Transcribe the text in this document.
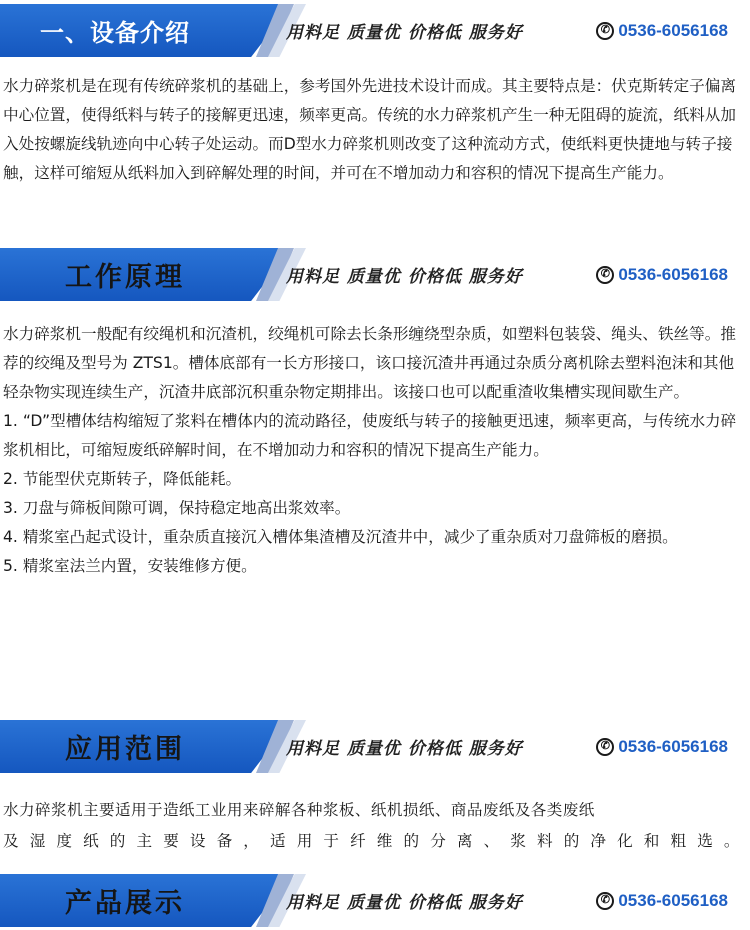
一、设备介绍	用料足 质量优 价格低 服务好	✆ 0536-6056168

水力碎浆机是在现有传统碎浆机的基础上，参考国外先进技术设计而成。其主要特点是：伏克斯转定子偏离中心位置，使得纸料与转子的接解更迅速，频率更高。传统的水力碎浆机产生一种无阻碍的旋流，纸料从加入处按螺旋线轨迹向中心转子处运动。而D型水力碎浆机则改变了这种流动方式，使纸料更快捷地与转子接触，这样可缩短从纸料加入到碎解处理的时间，并可在不增加动力和容积的情况下提高生产能力。

工作原理	用料足 质量优 价格低 服务好	✆ 0536-6056168

水力碎浆机一般配有绞绳机和沉渣机，绞绳机可除去长条形缠绕型杂质，如塑料包装袋、绳头、铁丝等。推荐的绞绳及型号为 ZTS1。槽体底部有一长方形接口，该口接沉渣井再通过杂质分离机除去塑料泡沫和其他轻杂物实现连续生产，沉渣井底部沉积重杂物定期排出。该接口也可以配重渣收集槽实现间歇生产。

1. “D”型槽体结构缩短了浆料在槽体内的流动路径，使废纸与转子的接触更迅速，频率更高，与传统水力碎浆机相比，可缩短废纸碎解时间，在不增加动力和容积的情况下提高生产能力。

2. 节能型伏克斯转子，降低能耗。

3. 刀盘与筛板间隙可调，保持稳定地高出浆效率。

4. 精浆室凸起式设计，重杂质直接沉入槽体集渣槽及沉渣井中，减少了重杂质对刀盘筛板的磨损。

5. 精浆室法兰内置，安装维修方便。

应用范围	用料足 质量优 价格低 服务好	✆ 0536-6056168

水力碎浆机主要适用于造纸工业用来碎解各种浆板、纸机损纸、商品废纸及各类废纸

及湿度纸的主要设备，适用于纤维的分离、浆料的净化和粗选。

产品展示	用料足 质量优 价格低 服务好	✆ 0536-6056168
